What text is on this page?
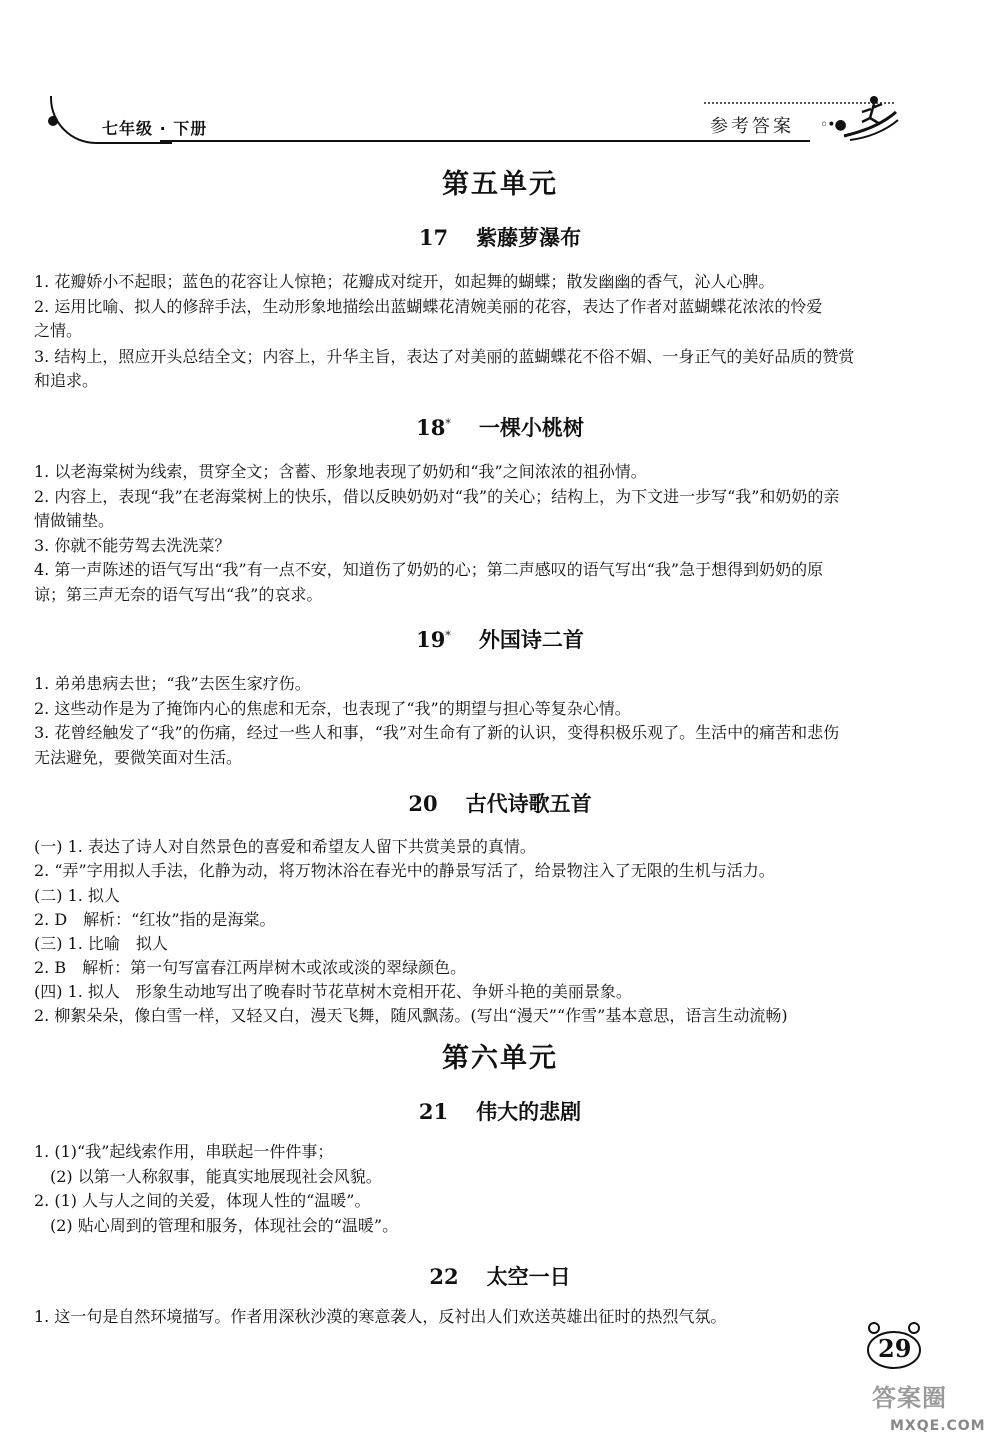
七年级 · 下册	参考答案 ◦•●
第五单元
17 紫藤萝瀑布
1. 花瓣娇小不起眼；蓝色的花容让人惊艳；花瓣成对绽开，如起舞的蝴蝶；散发幽幽的香气，沁人心脾。
2. 运用比喻、拟人的修辞手法，生动形象地描绘出蓝蝴蝶花清婉美丽的花容，表达了作者对蓝蝴蝶花浓浓的怜爱
之情。
3. 结构上，照应开头总结全文；内容上，升华主旨，表达了对美丽的蓝蝴蝶花不俗不媚、一身正气的美好品质的赞赏
和追求。
18* 一棵小桃树
1. 以老海棠树为线索，贯穿全文；含蓄、形象地表现了奶奶和“我”之间浓浓的祖孙情。
2. 内容上，表现“我”在老海棠树上的快乐，借以反映奶奶对“我”的关心；结构上，为下文进一步写“我”和奶奶的亲
情做铺垫。
3. 你就不能劳驾去洗洗菜？
4. 第一声陈述的语气写出“我”有一点不安，知道伤了奶奶的心；第二声感叹的语气写出“我”急于想得到奶奶的原
谅；第三声无奈的语气写出“我”的哀求。
19* 外国诗二首
1. 弟弟患病去世；“我”去医生家疗伤。
2. 这些动作是为了掩饰内心的焦虑和无奈，也表现了“我”的期望与担心等复杂心情。
3. 花曾经触发了“我”的伤痛，经过一些人和事，“我”对生命有了新的认识，变得积极乐观了。生活中的痛苦和悲伤
无法避免，要微笑面对生活。
20 古代诗歌五首
(一) 1. 表达了诗人对自然景色的喜爱和希望友人留下共赏美景的真情。
2. “弄”字用拟人手法，化静为动，将万物沐浴在春光中的静景写活了，给景物注入了无限的生机与活力。
(二) 1. 拟人
2. D　解析：“红妆”指的是海棠。
(三) 1. 比喻　拟人
2. B　解析：第一句写富春江两岸树木或浓或淡的翠绿颜色。
(四) 1. 拟人　形象生动地写出了晚春时节花草树木竞相开花、争妍斗艳的美丽景象。
2. 柳絮朵朵，像白雪一样，又轻又白，漫天飞舞，随风飘荡。(写出“漫天”“作雪”基本意思，语言生动流畅)
第六单元
21 伟大的悲剧
1. (1)“我”起线索作用，串联起一件件事；
(2) 以第一人称叙事，能真实地展现社会风貌。
2. (1) 人与人之间的关爱，体现人性的“温暖”。
(2) 贴心周到的管理和服务，体现社会的“温暖”。
22 太空一日
1. 这一句是自然环境描写。作者用深秋沙漠的寒意袭人，反衬出人们欢送英雄出征时的热烈气氛。
29
答案圈
MXQE.COM
